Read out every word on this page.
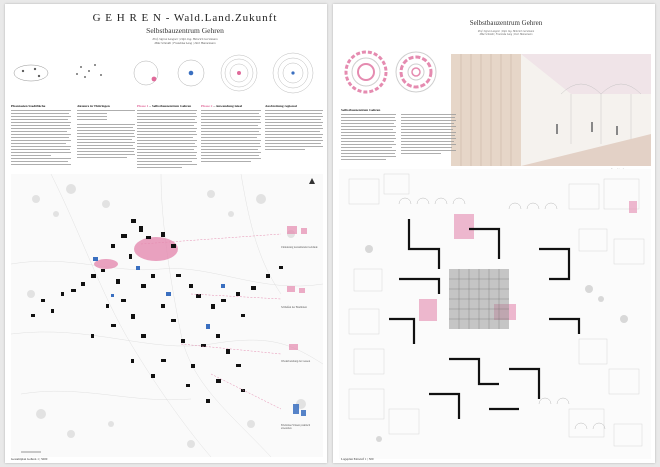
G E H R E N - Wald.Land.Zukunft
Selbstbauzentrum Gehren
Prof. Sigrun Langner | Dipl. Ing. Heinrich Gerstmann
Mike Schmidt | Franziska Lang | Dori Hannemann
Phantasien Stadtfläche	Akteure in Thüringen	Phase 1 – Selbstbauzentrum Gehren	Phase 2 – Anwendung lokal	Ausbreitung regional
Umnutzung leerstehender Gebäude
Schließen der Baulücken
Wiederbelebung der Gassen
Erlebnisse Wissen praktisch anwenden
Gesamtplan Gehren 1 | 5000
Selbstbauzentrum Gehren
Prof. Sigrun Langner | Dipl. Ing. Heinrich Gerstmann
Mike Schmidt | Franziska Lang | Dori Hannemann
Selbstbauzentrum Gehren
Lageplan Entwurf 1 | 500
